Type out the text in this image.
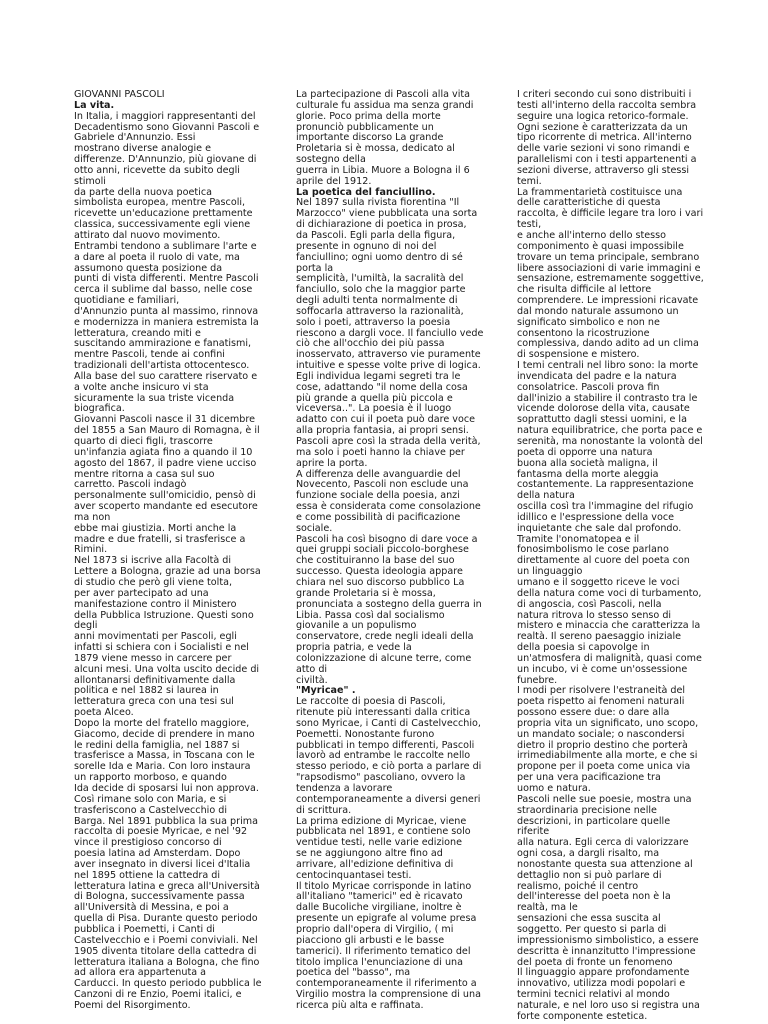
GIOVANNI PASCOLI
La vita.
In Italia, i maggiori rappresentanti del
Decadentismo sono Giovanni Pascoli e
Gabriele d'Annunzio. Essi
mostrano diverse analogie e
differenze. D'Annunzio, più giovane di
otto anni, ricevette da subito degli
stimoli
da parte della nuova poetica
simbolista europea, mentre Pascoli,
ricevette un'educazione prettamente
classica, successivamente egli viene
attirato dal nuovo movimento.
Entrambi tendono a sublimare l'arte e
a dare al poeta il ruolo di vate, ma
assumono questa posizione da
punti di vista differenti. Mentre Pascoli
cerca il sublime dal basso, nelle cose
quotidiane e familiari,
d'Annunzio punta al massimo, rinnova
e modernizza in maniera estremista la
letteratura, creando miti e
suscitando ammirazione e fanatismi,
mentre Pascoli, tende ai confini
tradizionali dell'artista ottocentesco.
Alla base del suo carattere riservato e
a volte anche insicuro vi sta
sicuramente la sua triste vicenda
biografica.
Giovanni Pascoli nasce il 31 dicembre
del 1855 a San Mauro di Romagna, è il
quarto di dieci figli, trascorre
un'infanzia agiata fino a quando il 10
agosto del 1867, il padre viene ucciso
mentre ritorna a casa sul suo
carretto. Pascoli indagò
personalmente sull'omicidio, pensò di
aver scoperto mandante ed esecutore
ma non
ebbe mai giustizia. Morti anche la
madre e due fratelli, si trasferisce a
Rimini.
Nel 1873 si iscrive alla Facoltà di
Lettere a Bologna, grazie ad una borsa
di studio che però gli viene tolta,
per aver partecipato ad una
manifestazione contro il Ministero
della Pubblica Istruzione. Questi sono
degli
anni movimentati per Pascoli, egli
infatti si schiera con i Socialisti e nel
1879 viene messo in carcere per
alcuni mesi. Una volta uscito decide di
allontanarsi definitivamente dalla
politica e nel 1882 si laurea in
letteratura greca con una tesi sul
poeta Alceo.
Dopo la morte del fratello maggiore,
Giacomo, decide di prendere in mano
le redini della famiglia, nel 1887 si
trasferisce a Massa, in Toscana con le
sorelle Ida e Maria. Con loro instaura
un rapporto morboso, e quando
Ida decide di sposarsi lui non approva.
Così rimane solo con Maria, e si
trasferiscono a Castelvecchio di
Barga. Nel 1891 pubblica la sua prima
raccolta di poesie Myricae, e nel '92
vince il prestigioso concorso di
poesia latina ad Amsterdam. Dopo
aver insegnato in diversi licei d'Italia
nel 1895 ottiene la cattedra di
letteratura latina e greca all'Università
di Bologna, successivamente passa
all'Università di Messina, e poi a
quella di Pisa. Durante questo periodo
pubblica i Poemetti, i Canti di
Castelvecchio e i Poemi conviviali. Nel
1905 diventa titolare della cattedra di
letteratura italiana a Bologna, che fino
ad allora era appartenuta a
Carducci. In questo periodo pubblica le
Canzoni di re Enzio, Poemi italici, e
Poemi del Risorgimento.
La partecipazione di Pascoli alla vita
culturale fu assidua ma senza grandi
glorie. Poco prima della morte
pronunciò pubblicamente un
importante discorso La grande
Proletaria si è mossa, dedicato al
sostegno della
guerra in Libia. Muore a Bologna il 6
aprile del 1912.
La poetica del fanciullino.
Nel 1897 sulla rivista fiorentina "Il
Marzocco" viene pubblicata una sorta
di dichiarazione di poetica in prosa,
da Pascoli. Egli parla della figura,
presente in ognuno di noi del
fanciullino; ogni uomo dentro di sé
porta la
semplicità, l'umiltà, la sacralità del
fanciullo, solo che la maggior parte
degli adulti tenta normalmente di
soffocarla attraverso la razionalità,
solo i poeti, attraverso la poesia
riescono a dargli voce. Il fanciullo vede
ciò che all'occhio dei più passa
inosservato, attraverso vie puramente
intuitive e spesse volte prive di logica.
Egli individua legami segreti tra le
cose, adattando "il nome della cosa
più grande a quella più piccola e
viceversa..". La poesia è il luogo
adatto con cui il poeta può dare voce
alla propria fantasia, ai propri sensi.
Pascoli apre così la strada della verità,
ma solo i poeti hanno la chiave per
aprire la porta.
A differenza delle avanguardie del
Novecento, Pascoli non esclude una
funzione sociale della poesia, anzi
essa è considerata come consolazione
e come possibilità di pacificazione
sociale.
Pascoli ha così bisogno di dare voce a
quei gruppi sociali piccolo-borghese
che costituiranno la base del suo
successo. Questa ideologia appare
chiara nel suo discorso pubblico La
grande Proletaria si è mossa,
pronunciata a sostegno della guerra in
Libia. Passa così dal socialismo
giovanile a un populismo
conservatore, crede negli ideali della
propria patria, e vede la
colonizzazione di alcune terre, come
atto di
civiltà.
"Myricae" .
Le raccolte di poesia di Pascoli,
ritenute più interessanti dalla critica
sono Myricae, i Canti di Castelvecchio,
Poemetti. Nonostante furono
pubblicati in tempo differenti, Pascoli
lavorò ad entrambe le raccolte nello
stesso periodo, e ciò porta a parlare di
"rapsodismo" pascoliano, ovvero la
tendenza a lavorare
contemporaneamente a diversi generi
di scrittura.
La prima edizione di Myricae, viene
pubblicata nel 1891, e contiene solo
ventidue testi, nelle varie edizione
se ne aggiungono altre fino ad
arrivare, all'edizione definitiva di
centocinquantasei testi.
Il titolo Myricae corrisponde in latino
all'italiano "tamerici" ed è ricavato
dalle Bucoliche virgiliane, inoltre è
presente un epigrafe al volume presa
proprio dall'opera di Virgilio, ( mi
piacciono gli arbusti e le basse
tamerici). Il riferimento tematico del
titolo implica l'enunciazione di una
poetica del "basso", ma
contemporaneamente il riferimento a
Virgilio mostra la comprensione di una
ricerca più alta e raffinata.
I criteri secondo cui sono distribuiti i
testi all'interno della raccolta sembra
seguire una logica retorico-formale.
Ogni sezione è caratterizzata da un
tipo ricorrente di metrica. All'interno
delle varie sezioni vi sono rimandi e
parallelismi con i testi appartenenti a
sezioni diverse, attraverso gli stessi
temi.
La frammentarietà costituisce una
delle caratteristiche di questa
raccolta, è difficile legare tra loro i vari
testi,
e anche all'interno dello stesso
componimento è quasi impossibile
trovare un tema principale, sembrano
libere associazioni di varie immagini e
sensazione, estremamente soggettive,
che risulta difficile al lettore
comprendere. Le impressioni ricavate
dal mondo naturale assumono un
significato simbolico e non ne
consentono la ricostruzione
complessiva, dando adito ad un clima
di sospensione e mistero.
I temi centrali nel libro sono: la morte
invendicata del padre e la natura
consolatrice. Pascoli prova fin
dall'inizio a stabilire il contrasto tra le
vicende dolorose della vita, causate
soprattutto dagli stessi uomini, e la
natura equilibratrice, che porta pace e
serenità, ma nonostante la volontà del
poeta di opporre una natura
buona alla società maligna, il
fantasma della morte aleggia
costantemente. La rappresentazione
della natura
oscilla così tra l'immagine del rifugio
idillico e l'espressione della voce
inquietante che sale dal profondo.
Tramite l'onomatopea e il
fonosimbolismo le cose parlano
direttamente al cuore del poeta con
un linguaggio
umano e il soggetto riceve le voci
della natura come voci di turbamento,
di angoscia, così Pascoli, nella
natura ritrova lo stesso senso di
mistero e minaccia che caratterizza la
realtà. Il sereno paesaggio iniziale
della poesia si capovolge in
un'atmosfera di malignità, quasi come
un incubo, vi è come un'ossessione
funebre.
I modi per risolvere l'estraneità del
poeta rispetto ai fenomeni naturali
possono essere due: o dare alla
propria vita un significato, uno scopo,
un mandato sociale; o nascondersi
dietro il proprio destino che porterà
irrimediabilmente alla morte, e che si
propone per il poeta come unica via
per una vera pacificazione tra
uomo e natura.
Pascoli nelle sue poesie, mostra una
straordinaria precisione nelle
descrizioni, in particolare quelle
riferite
alla natura. Egli cerca di valorizzare
ogni cosa, a dargli risalto, ma
nonostante questa sua attenzione al
dettaglio non si può parlare di
realismo, poiché il centro
dell'interesse del poeta non è la
realtà, ma le
sensazioni che essa suscita al
soggetto. Per questo si parla di
impressionismo simbolistico, a essere
descritta è innanzitutto l'impressione
del poeta di fronte un fenomeno
Il linguaggio appare profondamente
innovativo, utilizza modi popolari e
termini tecnici relativi al mondo
naturale, e nel loro uso si registra una
forte componente estetica.
